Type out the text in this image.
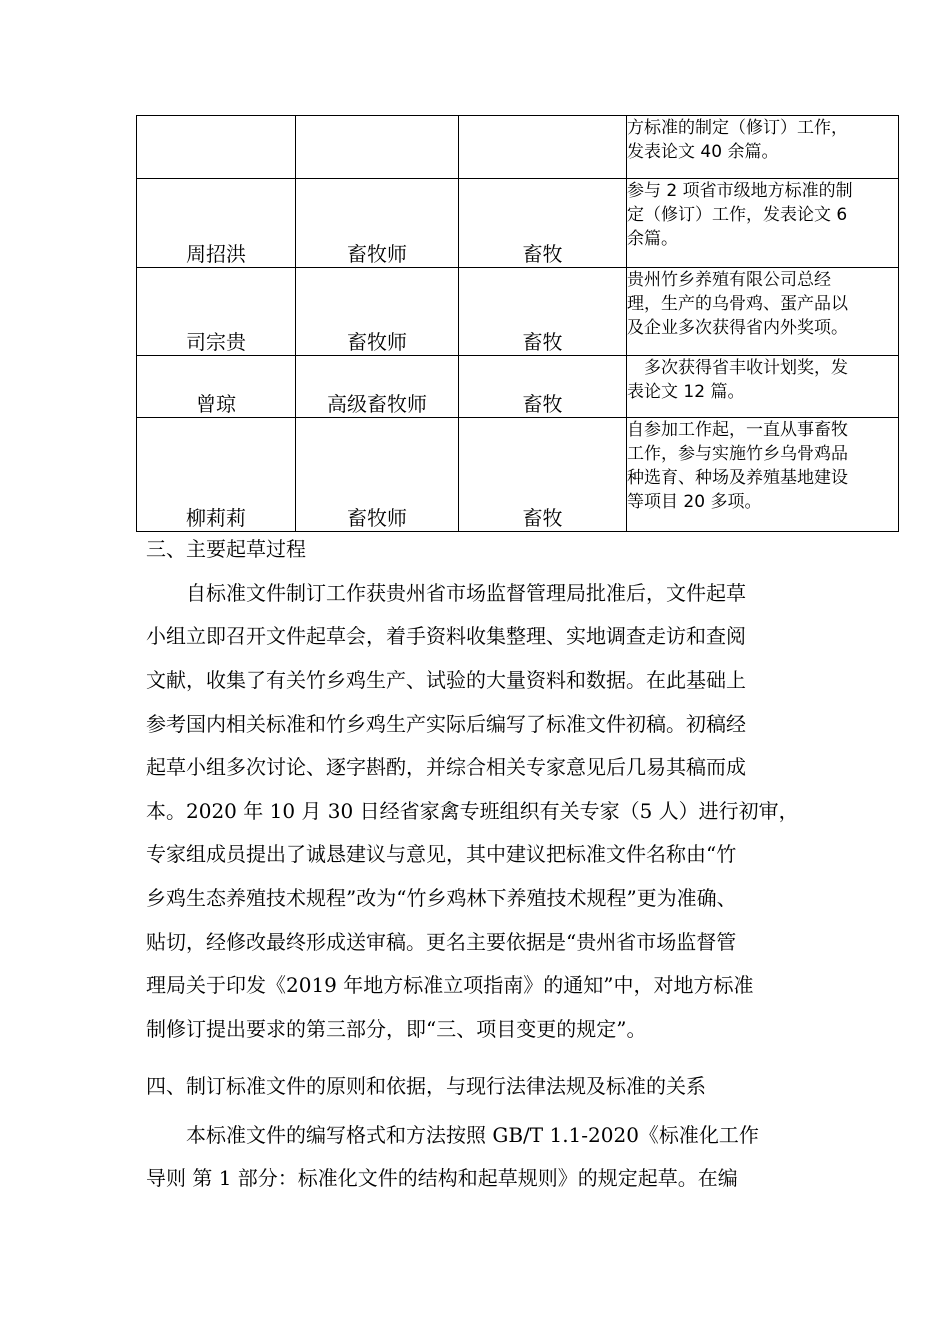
			方标准的制定（修订）工作，
发表论文 40 余篇。

周招洪	畜牧师	畜牧	参与 2 项省市级地方标准的制
定（修订）工作，发表论文 6
余篇。

司宗贵	畜牧师	畜牧	贵州竹乡养殖有限公司总经
理，生产的乌骨鸡、蛋产品以
及企业多次获得省内外奖项。

曾琼	高级畜牧师	畜牧	　多次获得省丰收计划奖，发
表论文 12 篇。

柳莉莉	畜牧师	畜牧	自参加工作起，一直从事畜牧
工作，参与实施竹乡乌骨鸡品
种选育、种场及养殖基地建设
等项目 20 多项。
三、主要起草过程
　　自标准文件制订工作获贵州省市场监督管理局批准后，文件起草
小组立即召开文件起草会，着手资料收集整理、实地调查走访和查阅
文献，收集了有关竹乡鸡生产、试验的大量资料和数据。在此基础上
参考国内相关标准和竹乡鸡生产实际后编写了标准文件初稿。初稿经
起草小组多次讨论、逐字斟酌，并综合相关专家意见后几易其稿而成
本。2020 年 10 月 30 日经省家禽专班组织有关专家（5 人）进行初审，
专家组成员提出了诚恳建议与意见，其中建议把标准文件名称由“竹
乡鸡生态养殖技术规程”改为“竹乡鸡林下养殖技术规程”更为准确、
贴切，经修改最终形成送审稿。更名主要依据是“贵州省市场监督管
理局关于印发《2019 年地方标准立项指南》的通知”中，对地方标准
制修订提出要求的第三部分，即“三、项目变更的规定”。
四、制订标准文件的原则和依据，与现行法律法规及标准的关系
　　本标准文件的编写格式和方法按照 GB/T 1.1-2020《标准化工作
导则 第 1 部分：标准化文件的结构和起草规则》的规定起草。在编
